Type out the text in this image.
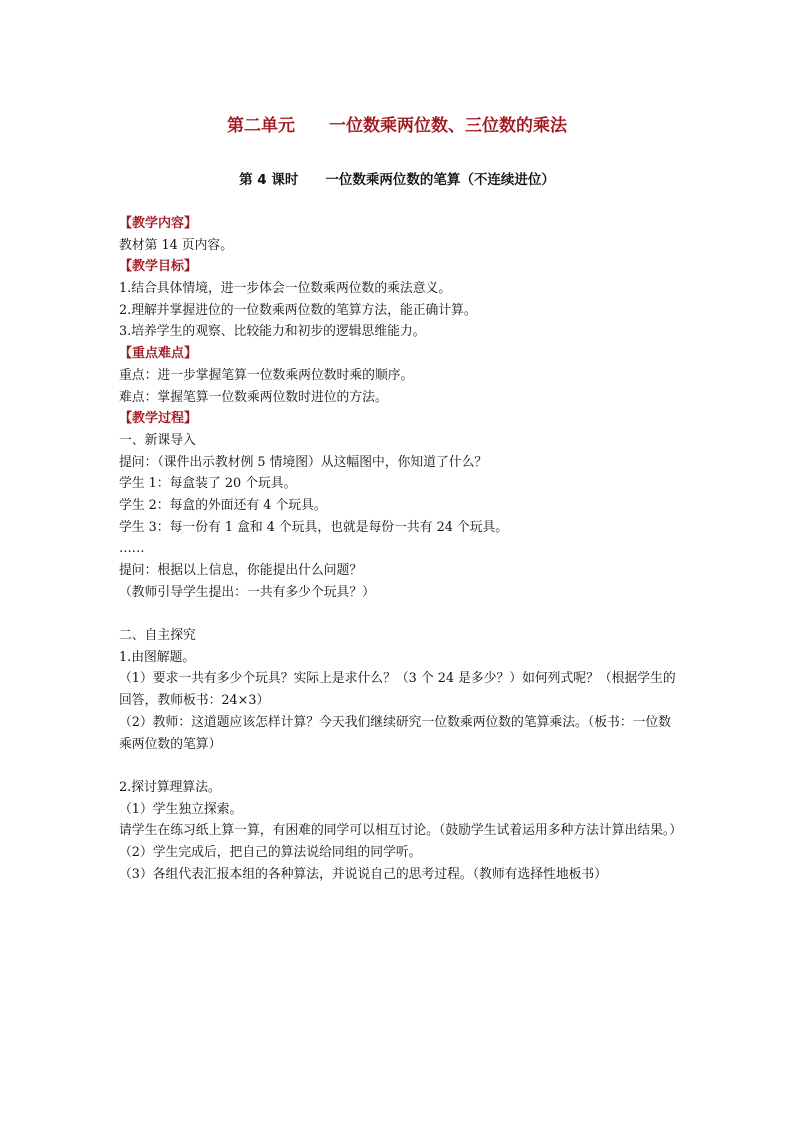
第二单元　　一位数乘两位数、三位数的乘法
第 4 课时　　一位数乘两位数的笔算（不连续进位）
【教学内容】
教材第 14 页内容。
【教学目标】
1.结合具体情境，进一步体会一位数乘两位数的乘法意义。
2.理解并掌握进位的一位数乘两位数的笔算方法，能正确计算。
3.培养学生的观察、比较能力和初步的逻辑思维能力。
【重点难点】
重点：进一步掌握笔算一位数乘两位数时乘的顺序。
难点：掌握笔算一位数乘两位数时进位的方法。
【教学过程】
一、新课导入
提问：（课件出示教材例 5 情境图）从这幅图中，你知道了什么？
学生 1：每盒装了 20 个玩具。
学生 2：每盒的外面还有 4 个玩具。
学生 3：每一份有 1 盒和 4 个玩具，也就是每份一共有 24 个玩具。
……
提问：根据以上信息，你能提出什么问题？
（教师引导学生提出：一共有多少个玩具？）
二、自主探究
1.由图解题。
（1）要求一共有多少个玩具？实际上是求什么？（3 个 24 是多少？）如何列式呢？（根据学生的回答，教师板书：24×3）
（2）教师：这道题应该怎样计算？今天我们继续研究一位数乘两位数的笔算乘法。（板书：一位数乘两位数的笔算）
2.探讨算理算法。
（1）学生独立探索。
请学生在练习纸上算一算，有困难的同学可以相互讨论。（鼓励学生试着运用多种方法计算出结果。）
（2）学生完成后，把自己的算法说给同组的同学听。
（3）各组代表汇报本组的各种算法，并说说自己的思考过程。（教师有选择性地板书）
